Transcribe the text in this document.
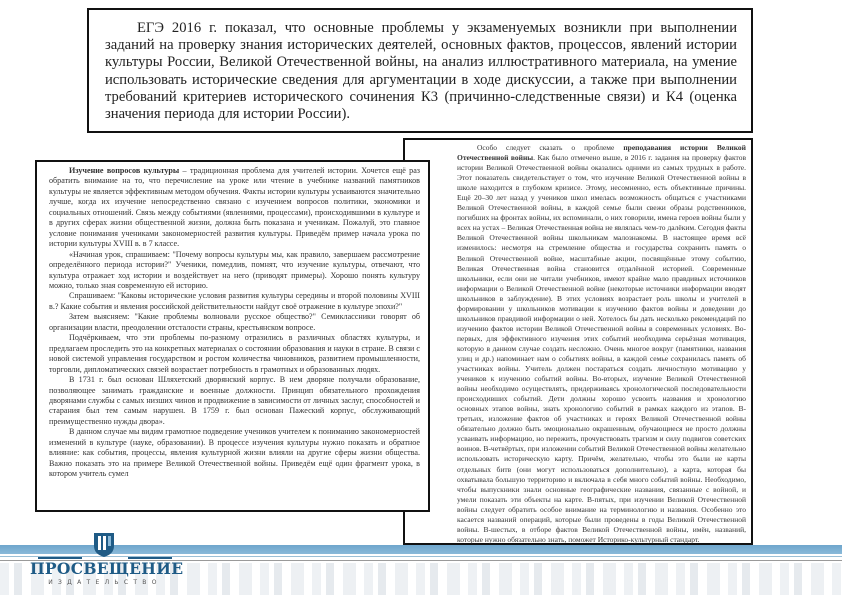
ЕГЭ 2016 г. показал, что основные проблемы у экзаменуемых возникли при выполнении заданий на проверку знания исторических деятелей, основных фактов, процессов, явлений истории культуры России, Великой Отечественной войны, на анализ иллюстративного материала, на умение использовать исторические сведения для аргументации в ходе дискуссии, а также при выполнении требований критериев исторического сочинения К3 (причинно-следственные связи) и К4 (оценка значения периода для истории России).

Особо следует сказать о проблеме преподавания истории Великой Отечественной войны. Как было отмечено выше, в 2016 г. задания на проверку фактов истории Великой Отечественной войны оказались одними из самых трудных в работе. Этот показатель свидетельствует о том, что изучение Великой Отечественной войны в школе находится в глубоком кризисе. Этому, несомненно, есть объективные причины. Ещё 20–30 лет назад у учеников школ имелась возможность общаться с участниками Великой Отечественной войны, в каждой семье были свежи образы родственников, погибших на фронтах войны, их вспоминали, о них говорили, имена героев войны были у всех на устах – Великая Отечественная война не являлась чем-то далёким. Сегодня факты Великой Отечественной войны школьникам малознакомы. В настоящее время всё изменилось: несмотря на стремление общества и государства сохранить память о Великой Отечественной войне, масштабные акции, посвящённые этому событию, Великая Отечественная война становится отдалённой историей. Современные школьники, если они не читали учебников, имеют крайне мало правдивых источников информации о Великой Отечественной войне (некоторые источники информации вводят школьников в заблуждение). В этих условиях возрастает роль школы и учителей в формировании у школьников мотивации к изучению фактов войны и доведении до школьников правдивой информации о ней. Хотелось бы дать несколько рекомендаций по изучению фактов истории Великой Отечественной войны в современных условиях. Во-первых, для эффективного изучения этих событий необходима серьёзная мотивация, которую в данном случае создать несложно. Очень многое вокруг (памятники, названия улиц и др.) напоминает нам о событиях войны, в каждой семье сохранилась память об участниках войны. Учитель должен постараться создать личностную мотивацию у учеников к изучению событий войны. Во-вторых, изучение Великой Отечественной войны необходимо осуществлять, придерживаясь хронологической последовательности происходивших событий. Дети должны хорошо усвоить названия и хронологию основных этапов войны, знать хронологию событий в рамках каждого из этапов. В-третьих, изложение фактов об участниках и героях Великой Отечественной войны обязательно должно быть эмоционально окрашенным, обучающиеся не просто должны усваивать информацию, но пережить, прочувствовать трагизм и силу подвигов советских воинов. В-четвёртых, при изложении событий Великой Отечественной войны желательно использовать историческую карту. Причём, желательно, чтобы это были не карты отдельных битв (они могут использоваться дополнительно), а карта, которая бы охватывала большую территорию и включала в себя много событий войны. Необходимо, чтобы выпускники знали основные географические названия, связанные с войной, и умели показать эти объекты на карте. В-пятых, при изучении Великой Отечественной войны следует обратить особое внимание на терминологию и названия. Особенно это касается названий операций, которые были проведены в годы Великой Отечественной войны. В-шестых, в отборе фактов Великой Отечественной войны, имён, названий, которые нужно обязательно знать, поможет Историко-культурный стандарт.

Изучение вопросов культуры – традиционная проблема для учителей истории. Хочется ещё раз обратить внимание на то, что перечисление на уроке или чтение в учебнике названий памятников культуры не является эффективным методом обучения. Факты истории культуры усваиваются значительно лучше, когда их изучение непосредственно связано с изучением вопросов политики, экономики и социальных отношений. Связь между событиями (явлениями, процессами), происходившими в культуре и в других сферах жизни общественной жизни, должна быть показана и ученикам. Пожалуй, это главное условие понимания учениками закономерностей развития культуры. Приведём пример начала урока по истории культуры XVIII в. в 7 классе.

«Начиная урок, спрашиваем: "Почему вопросы культуры мы, как правило, завершаем рассмотрение определённого периода истории?" Ученики, помедлив, помнят, что изучение культуры, отвечают, что культура отражает ход истории и воздействует на него (приводят примеры). Хорошо понять культуру можно, только зная современную ей историю.

Спрашиваем: "Каковы исторические условия развития культуры середины и второй половины XVIII в.? Какие события и явления российской действительности найдут своё отражение в культуре эпохи?"

Затем выясняем: "Какие проблемы волновали русское общество?" Семиклассники говорят об организации власти, преодолении отсталости страны, крестьянском вопросе.

Подчёркиваем, что эти проблемы по-разному отразились в различных областях культуры, и предлагаем проследить это на конкретных материалах о состоянии образования и науки в стране. В связи с новой системой управления государством и ростом количества чиновников, развитием промышленности, торговли, дипломатических связей возрастает потребность в грамотных и образованных людях.

В 1731 г. был основан Шляхетский дворянский корпус. В нем дворяне получали образование, позволяющее занимать гражданские и военные должности. Принцип обязательного прохождения дворянами службы с самых низших чинов и продвижение в зависимости от личных заслуг, способностей и старания был тем самым нарушен. В 1759 г. был основан Пажеский корпус, обслуживающий преимущественно нужды двора».

В данном случае мы видим грамотное подведение учеников учителем к пониманию закономерностей изменений в культуре (науке, образовании). В процессе изучения культуры нужно показать и обратное влияние: как события, процессы, явления культурной жизни влияли на другие сферы жизни общества. Важно показать это на примере Великой Отечественной войны. Приведём ещё один фрагмент урока, в котором учитель сумел

ПРОСВЕЩЕНИЕ
ИЗДАТЕЛЬСТВО
